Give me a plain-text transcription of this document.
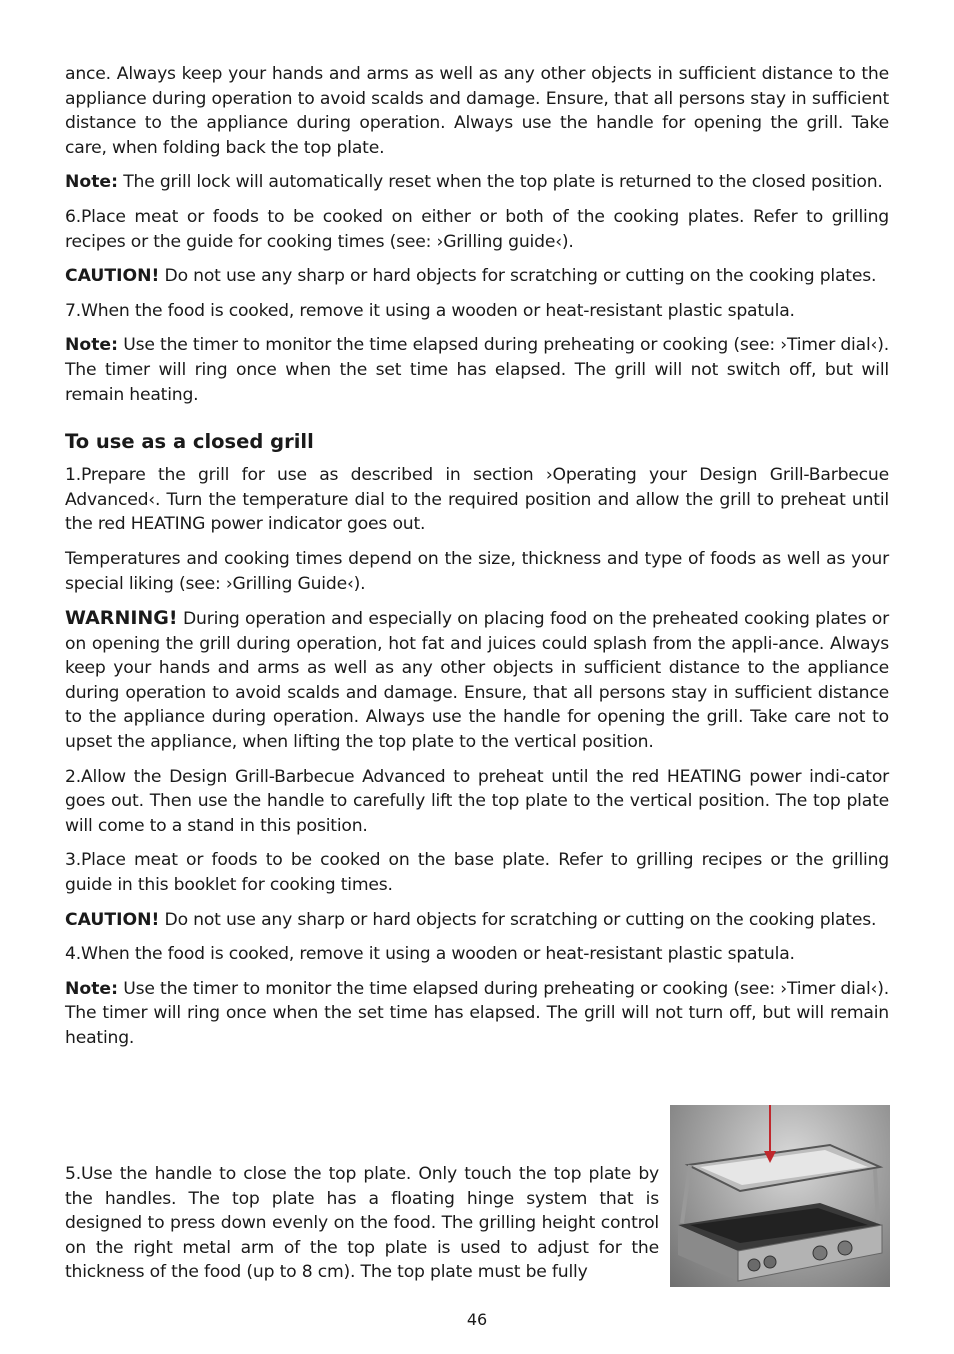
ance. Always keep your hands and arms as well as any other objects in sufficient distance to the appliance during operation to avoid scalds and damage. Ensure, that all persons stay in sufficient distance to the appliance during operation. Always use the handle for opening the grill. Take care, when folding back the top plate.

Note: The grill lock will automatically reset when the top plate is returned to the closed position.

6.Place meat or foods to be cooked on either or both of the cooking plates. Refer to grilling recipes or the guide for cooking times (see: ›Grilling guide‹).

CAUTION! Do not use any sharp or hard objects for scratching or cutting on the cooking plates.

7.When the food is cooked, remove it using a wooden or heat-resistant plastic spatula.

Note: Use the timer to monitor the time elapsed during preheating or cooking (see: ›Timer dial‹). The timer will ring once when the set time has elapsed. The grill will not switch off, but will remain heating.

To use as a closed grill

1.Prepare the grill for use as described in section ›Operating your Design Grill-Barbecue Advanced‹. Turn the temperature dial to the required position and allow the grill to preheat until the red HEATING power indicator goes out.

Temperatures and cooking times depend on the size, thickness and type of foods as well as your special liking (see: ›Grilling Guide‹).

WARNING! During operation and especially on placing food on the preheated cooking plates or on opening the grill during operation, hot fat and juices could splash from the appli-ance. Always keep your hands and arms as well as any other objects in sufficient distance to the appliance during operation to avoid scalds and damage. Ensure, that all persons stay in sufficient distance to the appliance during operation. Always use the handle for opening the grill. Take care not to upset the appliance, when lifting the top plate to the vertical position.

2.Allow the Design Grill-Barbecue Advanced to preheat until the red HEATING power indi-cator goes out. Then use the handle to carefully lift the top plate to the vertical position. The top plate will come to a stand in this position.

3.Place meat or foods to be cooked on the base plate. Refer to grilling recipes or the grilling guide in this booklet for cooking times.

CAUTION! Do not use any sharp or hard objects for scratching or cutting on the cooking plates.

4.When the food is cooked, remove it using a wooden or heat-resistant plastic spatula.

Note: Use the timer to monitor the time elapsed during preheating or cooking (see: ›Timer dial‹). The timer will ring once when the set time has elapsed. The grill will not turn off, but will remain heating.

5.Use the handle to close the top plate. Only touch the top plate by the handles. The top plate has a floating hinge system that is designed to press down evenly on the food. The grilling height control on the right metal arm of the top plate is used to adjust for the thickness of the food (up to 8 cm). The top plate must be fully

46
